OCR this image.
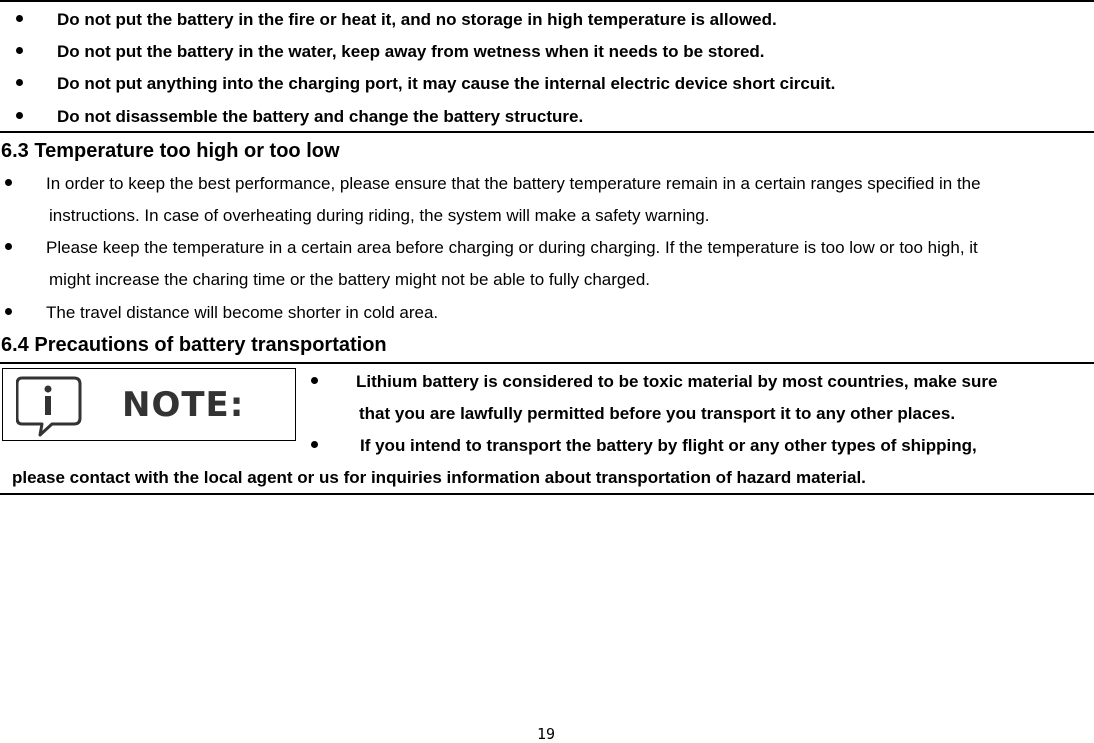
Do not put the battery in the fire or heat it, and no storage in high temperature is allowed.
Do not put the battery in the water, keep away from wetness when it needs to be stored.
Do not put anything into the charging port, it may cause the internal electric device short circuit.
Do not disassemble the battery and change the battery structure.
6.3 Temperature too high or too low
In order to keep the best performance, please ensure that the battery temperature remain in a certain ranges specified in the
instructions. In case of overheating during riding, the system will make a safety warning.
Please keep the temperature in a certain area before charging or during charging. If the temperature is too low or too high, it
might increase the charing time or the battery might not be able to fully charged.
The travel distance will become shorter in cold area.
6.4 Precautions of battery transportation
NOTE:
Lithium battery is considered to be toxic material by most countries, make sure
that you are lawfully permitted before you transport it to any other places.
If you intend to transport the battery by flight or any other types of shipping,
please contact with the local agent or us for inquiries information about transportation of hazard material.
19
